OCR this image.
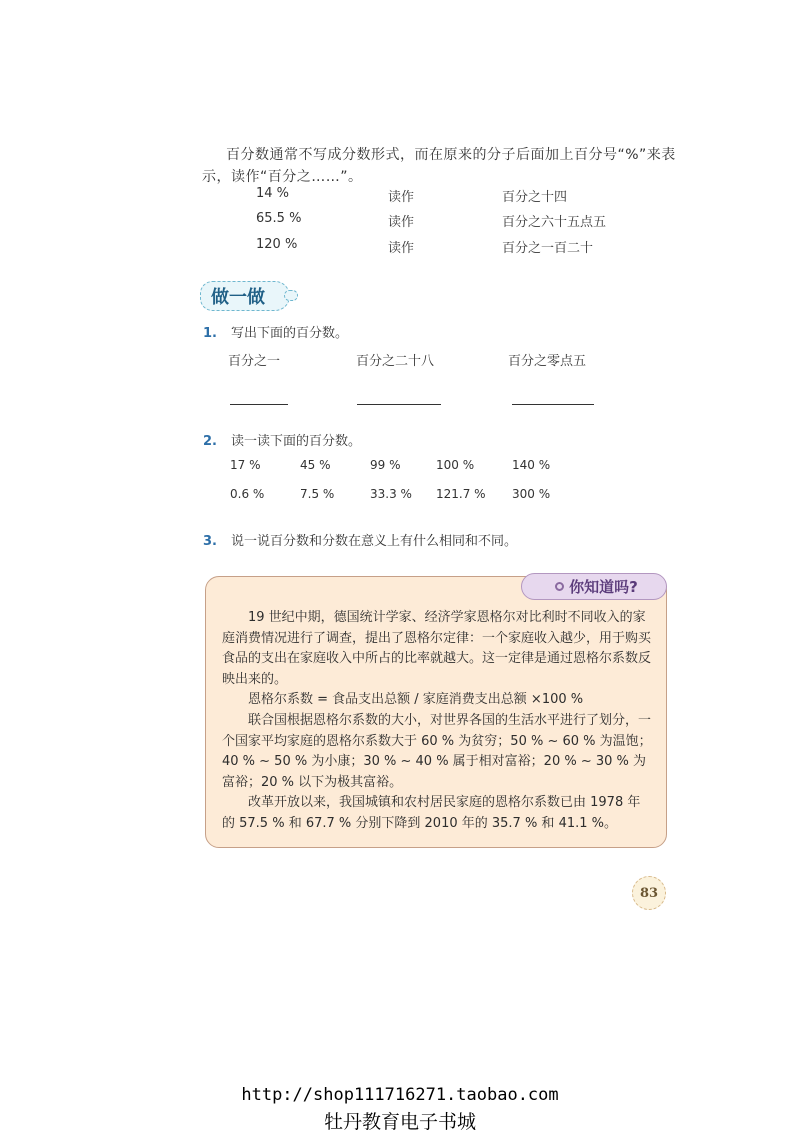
百分数通常不写成分数形式，而在原来的分子后面加上百分号“%”来表
示，读作“百分之……”。
14 %	读作	百分之十四
65.5 %	读作	百分之六十五点五
120 %	读作	百分之一百二十
做一做
1. 写出下面的百分数。
百分之一	百分之二十八	百分之零点五
2. 读一读下面的百分数。
17 %	45 %	99 %	100 %	140 %
0.6 %	7.5 %	33.3 % 121.7 % 300 %
3. 说一说百分数和分数在意义上有什么相同和不同。
你知道吗?

19 世纪中期，德国统计学家、经济学家恩格尔对比利时不同收入的家庭消费情况进行了调查，提出了恩格尔定律：一个家庭收入越少，用于购买食品的支出在家庭收入中所占的比率就越大。这一定律是通过恩格尔系数反映出来的。

恩格尔系数 = 食品支出总额 / 家庭消费支出总额 ×100 %

联合国根据恩格尔系数的大小，对世界各国的生活水平进行了划分，一个国家平均家庭的恩格尔系数大于 60 % 为贫穷；50 % ~ 60 % 为温饱；40 % ~ 50 % 为小康；30 % ~ 40 % 属于相对富裕；20 % ~ 30 % 为富裕；20 % 以下为极其富裕。

改革开放以来，我国城镇和农村居民家庭的恩格尔系数已由 1978 年的 57.5 % 和 67.7 % 分别下降到 2010 年的 35.7 % 和 41.1 %。

83
http://shop111716271.taobao.com
牡丹教育电子书城
